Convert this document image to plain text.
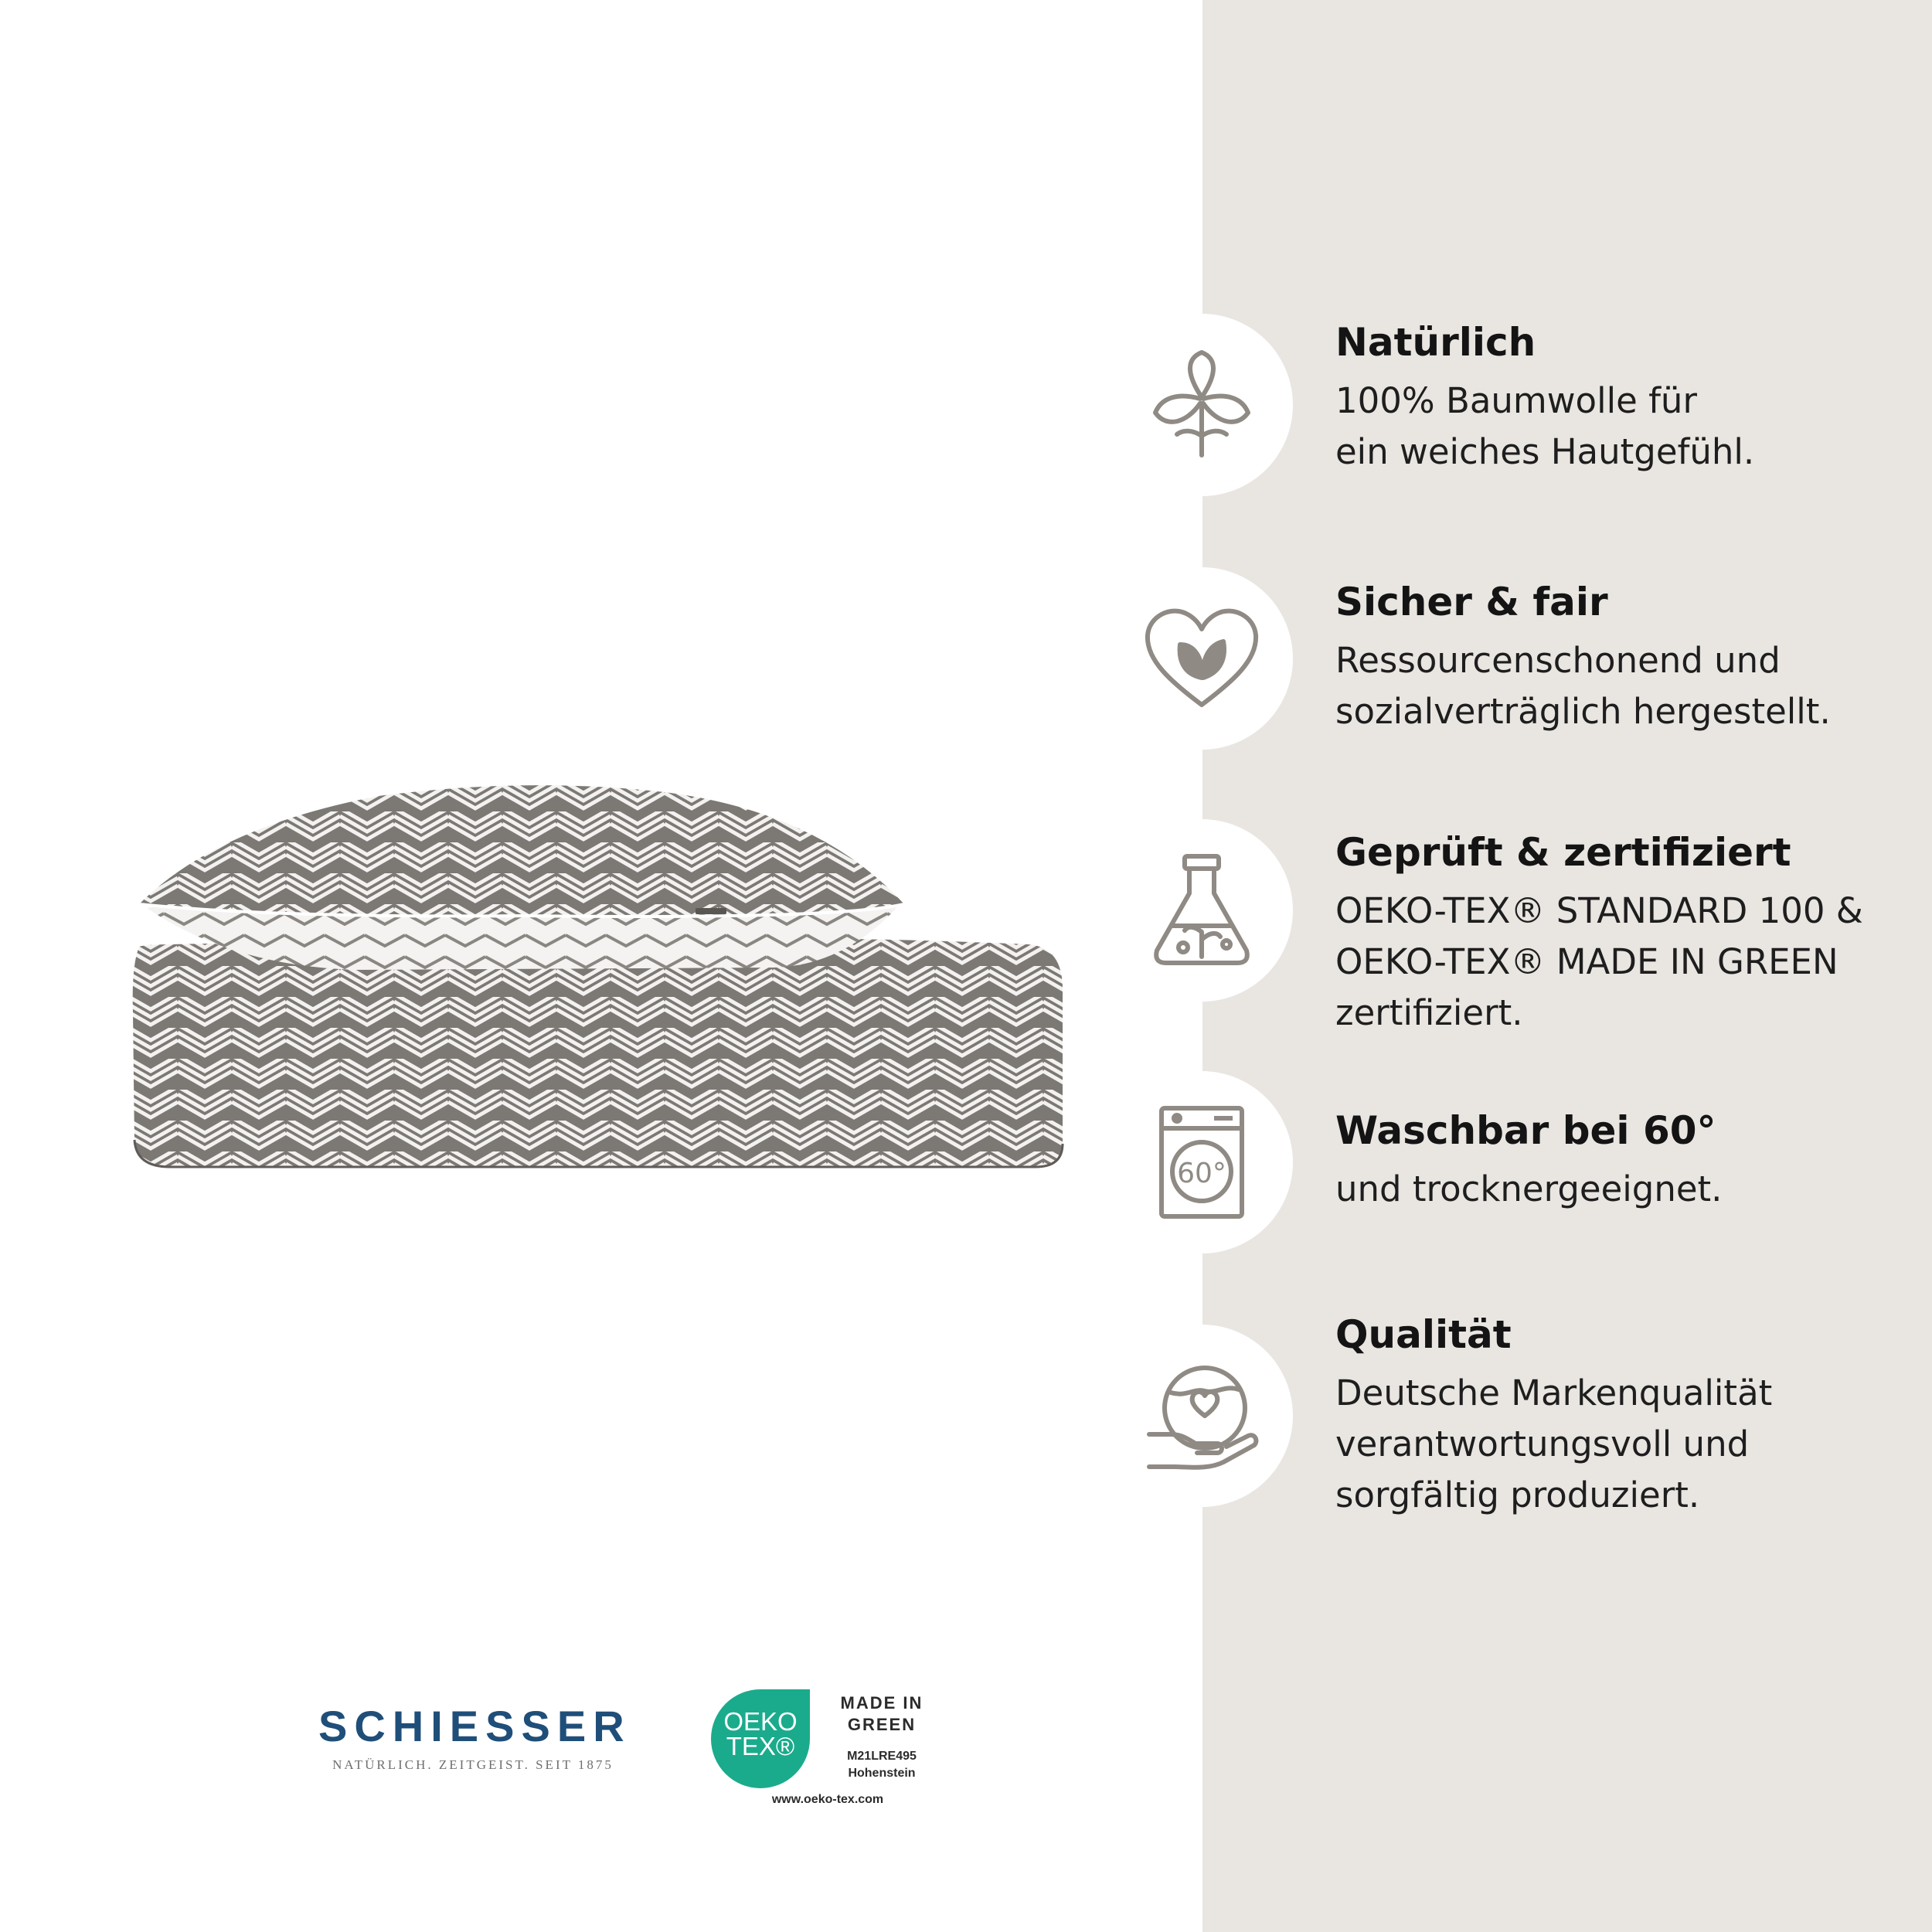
Natürlich

100% Baumwolle für
ein weiches Hautgefühl.

Sicher & fair

Ressourcenschonend und
sozialverträglich hergestellt.

Geprüft & zertifiziert

OEKO-TEX® STANDARD 100 &
OEKO-TEX® MADE IN GREEN
zertifiziert.

60°

Waschbar bei 60°

und trocknergeeignet.

Qualität

Deutsche Markenqualität
verantwortungsvoll und
sorgfältig produziert.

SCHIESSER
NATÜRLICH. ZEITGEIST. SEIT 1875
OEKO
TEX®
MADE IN
GREEN
M21LRE495
Hohenstein
www.oeko-tex.com
